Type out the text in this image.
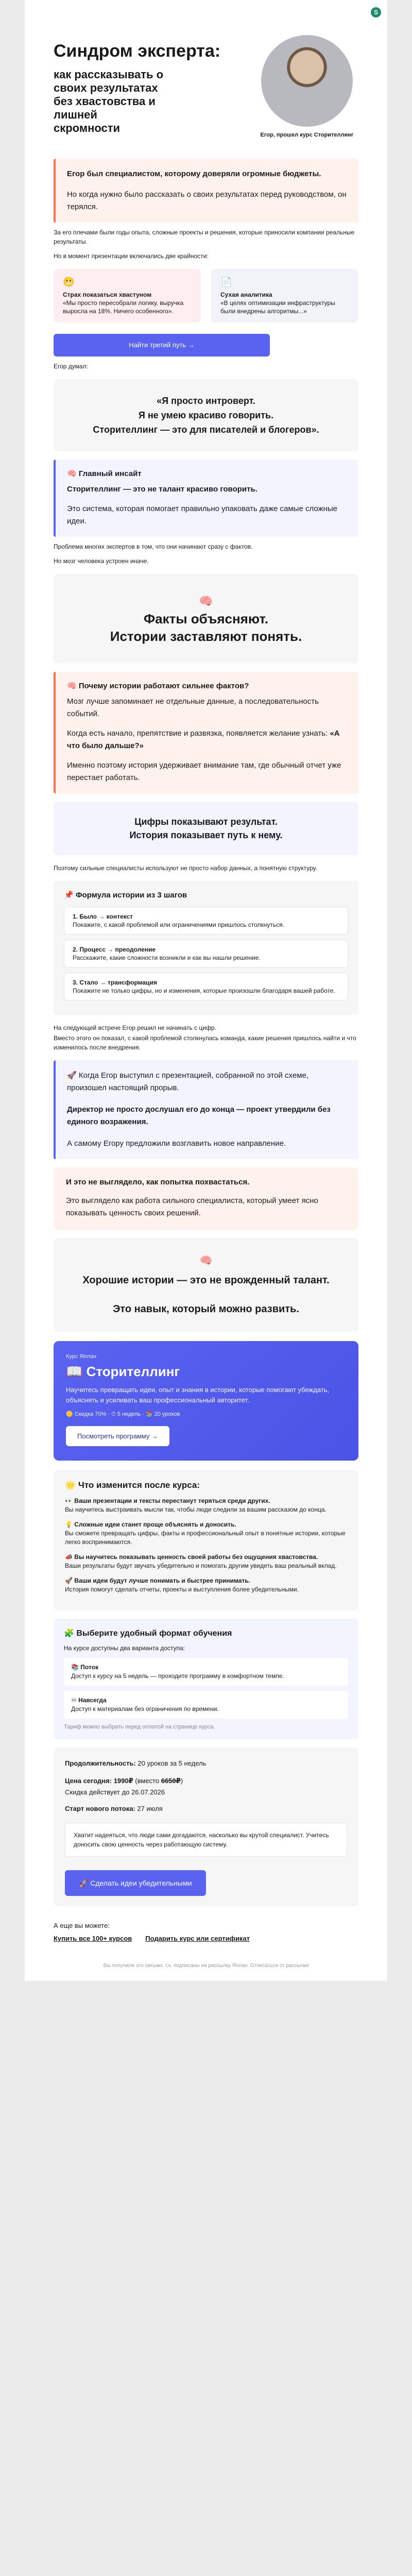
S
Синдром эксперта:
как рассказывать о своих результатах без хвастовства и лишней скромности
Егор, прошел курс Сторителлинг

Егор был специалистом, которому доверяли огромные бюджеты.

Но когда нужно было рассказать о своих результатах перед руководством, он терялся.

За его плечами были годы опыта, сложные проекты и решения, которые приносили компании реальные результаты.

Но в момент презентации включались две крайности:

😬
Страх показаться хвастуном
«Мы просто пересобрали логику, выручка выросла на 18%. Ничего особенного».
📄
Сухая аналитика
«В целях оптимизации инфраструктуры были внедрены алгоритмы...»
Найти третий путь →

Егор думал:

«Я просто интроверт.
Я не умею красиво говорить.
Сторителлинг — это для писателей и блогеров».
🧠 Главный инсайт

Сторителлинг — это не талант красиво говорить.

Это система, которая помогает правильно упаковать даже самые сложные идеи.

Проблема многих экспертов в том, что они начинают сразу с фактов.

Но мозг человека устроен иначе.

🧠
Факты объясняют.
Истории заставляют понять.
🧠 Почему истории работают сильнее фактов?

Мозг лучше запоминает не отдельные данные, а последовательность событий.

Когда есть начало, препятствие и развязка, появляется желание узнать: «А что было дальше?»

Именно поэтому история удерживает внимание там, где обычный отчет уже перестает работать.

Цифры показывают результат.
История показывает путь к нему.

Поэтому сильные специалисты используют не просто набор данных, а понятную структуру.

📌 Формула истории из 3 шагов
1. Было → контекст
Покажите, с какой проблемой или ограничениями пришлось столкнуться.
2. Процесс → преодоление
Расскажите, какие сложности возникли и как вы нашли решение.
3. Стало → трансформация
Покажите не только цифры, но и изменения, которые произошли благодаря вашей работе.

На следующей встрече Егор решил не начинать с цифр.

Вместо этого он показал, с какой проблемой столкнулась команда, какие решения пришлось найти и что изменилось после внедрения.

🚀 Когда Егор выступил с презентацией, собранной по этой схеме, произошел настоящий прорыв.

Директор не просто дослушал его до конца — проект утвердили без единого возражения.

А самому Егору предложили возглавить новое направление.

И это не выглядело, как попытка похвастаться.
Это выглядело как работа сильного специалиста, который умеет ясно показывать ценность своих решений.
🧠
Хорошие истории — это не врожденный талант.
Это навык, который можно развить.
Курс Яплан
📖 Сторителлинг
Научитесь превращать идеи, опыт и знания в истории, которые помогают убеждать, объяснять и усиливать ваш профессиональный авторитет.
🟡 Скидка 70% · ⏱ 5 недель · 📚 20 уроков
Посмотреть программу →
🌟 Что изменится после курса:
👀 Ваши презентации и тексты перестанут теряться среди других.
Вы научитесь выстраивать мысли так, чтобы люди следили за вашим рассказом до конца.
💡 Сложные идеи станет проще объяснять и доносить.
Вы сможете превращать цифры, факты и профессиональный опыт в понятные истории, которые легко воспринимаются.
📣 Вы научитесь показывать ценность своей работы без ощущения хвастовства.
Ваши результаты будут звучать убедительно и помогать другим увидеть ваш реальный вклад.
🚀 Ваши идеи будут лучше понимать и быстрее принимать.
История помогут сделать отчеты, проекты и выступления более убедительными.
🧩 Выберите удобный формат обучения
На курсе доступны два варианта доступа:
📚 Поток
Доступ к курсу на 5 недель — проходите программу в комфортном темпе.
♾ Навсегда
Доступ к материалам без ограничения по времени.
Тариф можно выбрать перед оплатой на странице курса.
Продолжительность: 20 уроков за 5 недель
Цена сегодня: 1990₽ (вместо 6650₽)
Скидка действует до 26.07.2026
Старт нового потока: 27 июля
Хватит надеяться, что люди сами догадаются, насколько вы крутой специалист. Учитесь доносить свою ценность через работающую систему.
🚀 Сделать идеи убедительными
А еще вы можете:
Купить все 100+ курсов Подарить курс или сертификат
Вы получили это письмо, т.к. подписаны на рассылку Яплан. Отписаться от рассылки
